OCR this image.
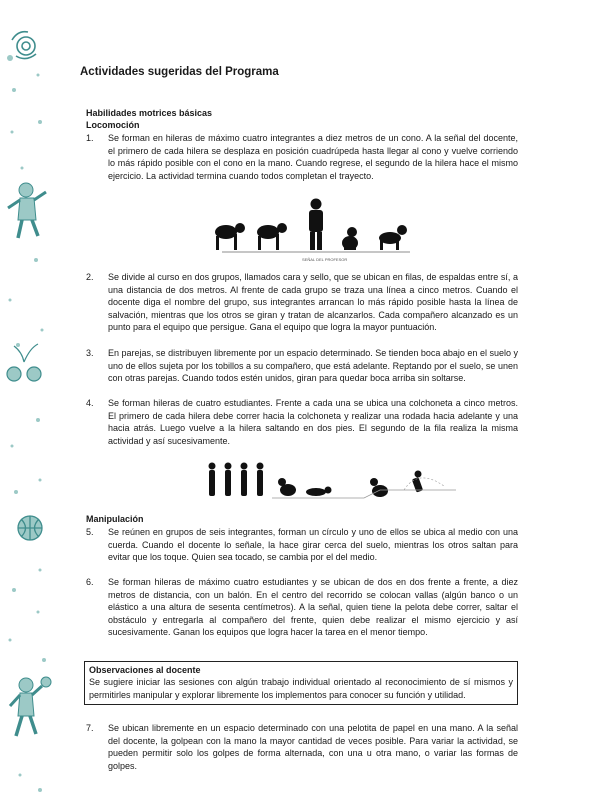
Actividades sugeridas del Programa
Habilidades motrices básicas
Locomoción
1. Se forman en hileras de máximo cuatro integrantes a diez metros de un cono. A la señal del docente, el primero de cada hilera se desplaza en posición cuadrúpeda hasta llegar al cono y vuelve corriendo lo más rápido posible con el cono en la mano. Cuando regrese, el segundo de la hilera hace el mismo ejercicio. La actividad termina cuando todos completan el trayecto.
SEÑAL DEL PROFESOR
2. Se divide al curso en dos grupos, llamados cara y sello, que se ubican en filas, de espaldas entre sí, a una distancia de dos metros. Al frente de cada grupo se traza una línea a cinco metros. Cuando el docente diga el nombre del grupo, sus integrantes arrancan lo más rápido posible hasta la línea de salvación, mientras que los otros se giran y tratan de alcanzarlos. Cada compañero alcanzado es un punto para el equipo que persigue. Gana el equipo que logra la mayor puntuación.
3. En parejas, se distribuyen libremente por un espacio determinado. Se tienden boca abajo en el suelo y uno de ellos sujeta por los tobillos a su compañero, que está adelante. Reptando por el suelo, se unen con otras parejas. Cuando todos estén unidos, giran para quedar boca arriba sin soltarse.
4. Se forman hileras de cuatro estudiantes. Frente a cada una se ubica una colchoneta a cinco metros. El primero de cada hilera debe correr hacia la colchoneta y realizar una rodada hacia adelante y una hacia atrás. Luego vuelve a la hilera saltando en dos pies. El segundo de la fila realiza la misma actividad y así sucesivamente.
Manipulación
5. Se reúnen en grupos de seis integrantes, forman un círculo y uno de ellos se ubica al medio con una cuerda. Cuando el docente lo señale, la hace girar cerca del suelo, mientras los otros saltan para evitar que los toque. Quien sea tocado, se cambia por el del medio.
6. Se forman hileras de máximo cuatro estudiantes y se ubican de dos en dos frente a frente, a diez metros de distancia, con un balón. En el centro del recorrido se colocan vallas (algún banco o un elástico a una altura de sesenta centímetros). A la señal, quien tiene la pelota debe correr, saltar el obstáculo y entregarla al compañero del frente, quien debe realizar el mismo ejercicio y así sucesivamente. Ganan los equipos que logra hacer la tarea en el menor tiempo.
Observaciones al docente
Se sugiere iniciar las sesiones con algún trabajo individual orientado al reconocimiento de sí mismos y permitirles manipular y explorar libremente los implementos para conocer su función y utilidad.
7. Se ubican libremente en un espacio determinado con una pelotita de papel en una mano. A la señal del docente, la golpean con la mano la mayor cantidad de veces posible. Para variar la actividad, se pueden permitir solo los golpes de forma alternada, con una u otra mano, o variar las formas de golpes.
